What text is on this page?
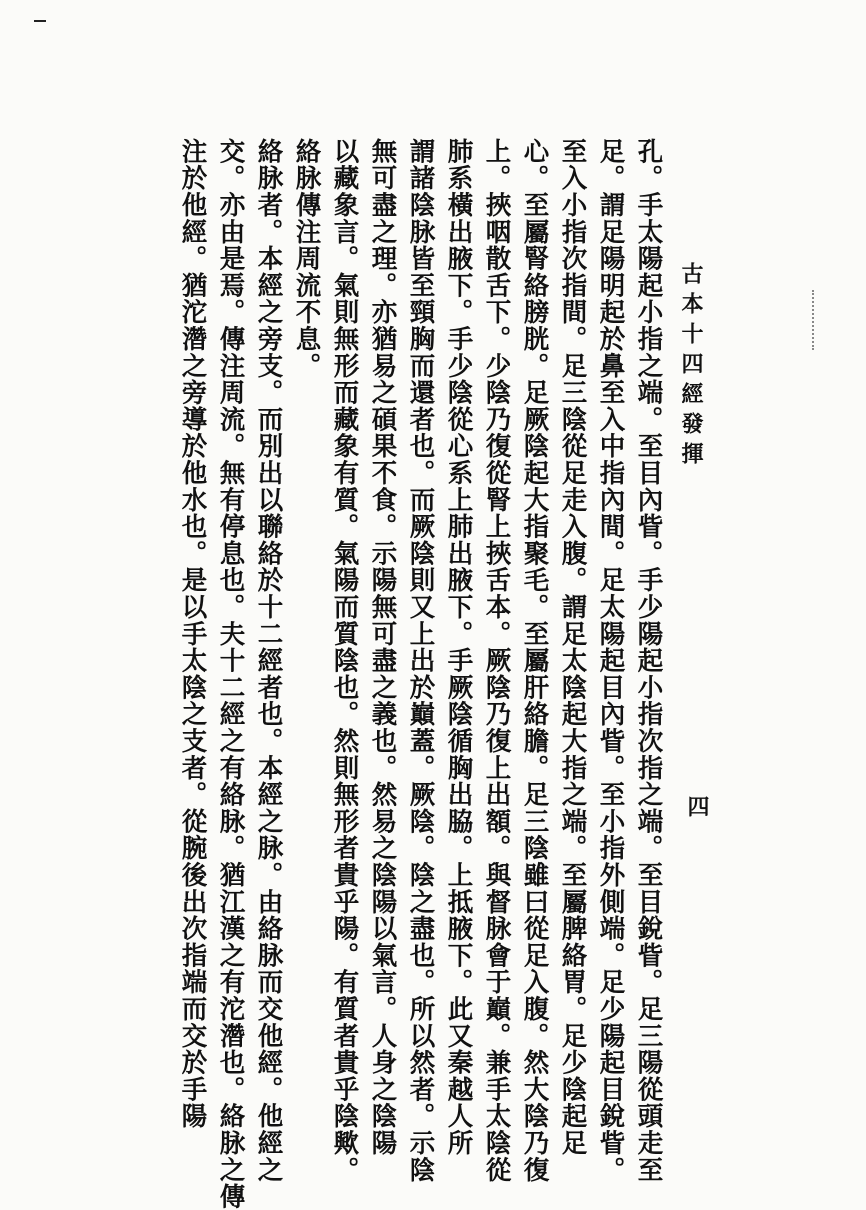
古本十四經發揮
四
孔。手太陽起小指之端。至目內眥。手少陽起小指次指之端。至目銳眥。足三陽從頭走至
足。謂足陽明起於鼻至入中指內間。足太陽起目內眥。至小指外側端。足少陽起目銳眥。
至入小指次指間。足三陰從足走入腹。謂足太陰起大指之端。至屬脾絡胃。足少陰起足
心。至屬腎絡膀胱。足厥陰起大指聚毛。至屬肝絡膽。足三陰雖曰從足入腹。然大陰乃復
上。挾咽散舌下。少陰乃復從腎上挾舌本。厥陰乃復上出額。與督脉會于巔。兼手太陰從
肺系橫出腋下。手少陰從心系上肺出腋下。手厥陰循胸出脇。上抵腋下。此又秦越人所
謂諸陰脉皆至頸胸而還者也。而厥陰則又上出於巔蓋。厥陰。陰之盡也。所以然者。示陰
無可盡之理。亦猶易之碩果不食。示陽無可盡之義也。然易之陰陽以氣言。人身之陰陽
以藏象言。氣則無形而藏象有質。氣陽而質陰也。然則無形者貴乎陽。有質者貴乎陰歟。
絡脉傳注周流不息。
絡脉者。本經之旁支。而別出以聯絡於十二經者也。本經之脉。由絡脉而交他經。他經之
交。亦由是焉。傳注周流。無有停息也。夫十二經之有絡脉。猶江漢之有沱濳也。絡脉之傳
注於他經。猶沱濳之旁導於他水也。是以手太陰之支者。從腕後出次指端而交於手陽
